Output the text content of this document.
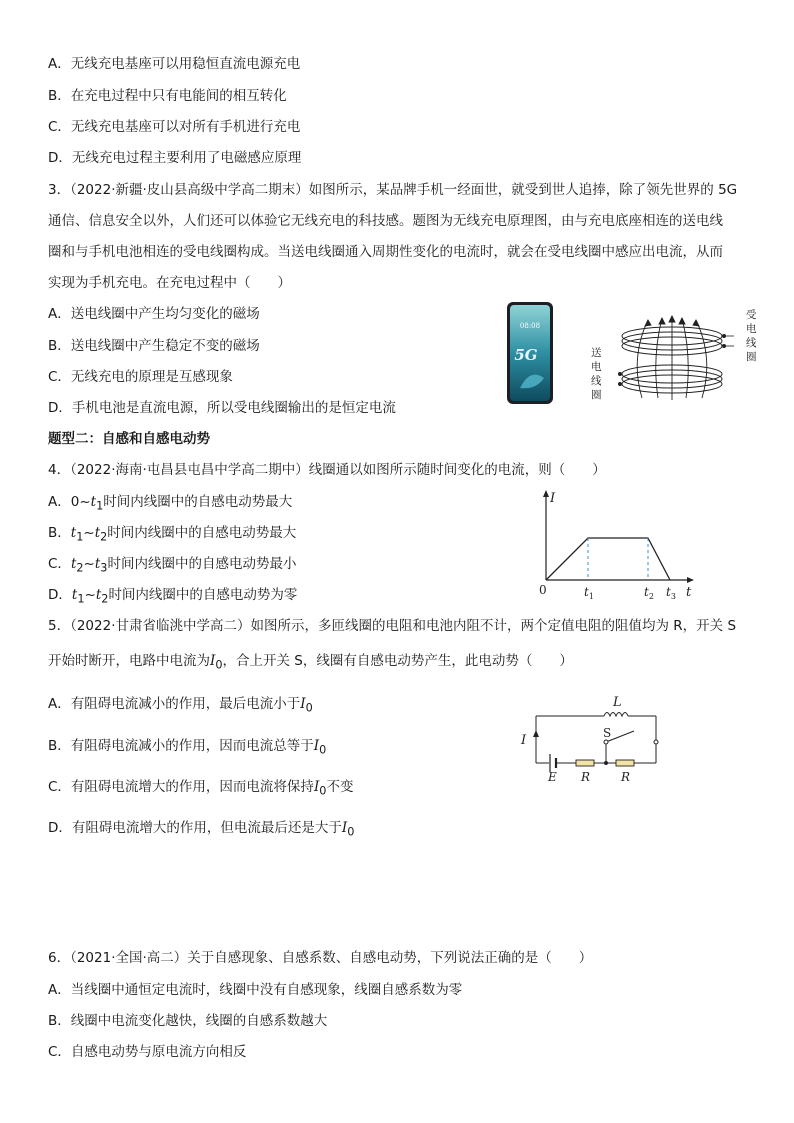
A．无线充电基座可以用稳恒直流电源充电
B．在充电过程中只有电能间的相互转化
C．无线充电基座可以对所有手机进行充电
D．无线充电过程主要利用了电磁感应原理
3．（2022·新疆·皮山县高级中学高二期末）如图所示，某品牌手机一经面世，就受到世人追捧，除了领先世界的 5G
通信、信息安全以外，人们还可以体验它无线充电的科技感。题图为无线充电原理图，由与充电底座相连的送电线
圈和与手机电池相连的受电线圈构成。当送电线圈通入周期性变化的电流时，就会在受电线圈中感应出电流，从而
实现为手机充电。在充电过程中（　　）
A．送电线圈中产生均匀变化的磁场
B．送电线圈中产生稳定不变的磁场
C．无线充电的原理是互感现象
D．手机电池是直流电源，所以受电线圈输出的是恒定电流
08:08
5G
受
电
线
圈
送
电
线
圈
题型二：自感和自感电动势
4．（2022·海南·屯昌县屯昌中学高二期中）线圈通以如图所示随时间变化的电流，则（　　）
A．$0\sim t_1$时间内线圈中的自感电动势最大
B．$t_1\sim t_2$时间内线圈中的自感电动势最大
C．$t_2\sim t_3$时间内线圈中的自感电动势最小
D．$t_1\sim t_2$时间内线圈中的自感电动势为零
I
t
0	$t_1$	$t_2$ $t_3$
5．（2022·甘肃省临洮中学高二）如图所示，多匝线圈的电阻和电池内阻不计，两个定值电阻的阻值均为 R，开关 S
开始时断开，电路中电流为$I_0$，合上开关 S，线圈有自感电动势产生，此电动势（　　）
A．有阻碍电流减小的作用，最后电流小于$I_0$
B．有阻碍电流减小的作用，因而电流总等于$I_0$
C．有阻碍电流增大的作用，因而电流将保持$I_0$不变
D．有阻碍电流增大的作用，但电流最后还是大于$I_0$
L
S
I
E R	R
6．（2021·全国·高二）关于自感现象、自感系数、自感电动势，下列说法正确的是（　　）
A．当线圈中通恒定电流时，线圈中没有自感现象，线圈自感系数为零
B．线圈中电流变化越快，线圈的自感系数越大
C．自感电动势与原电流方向相反
